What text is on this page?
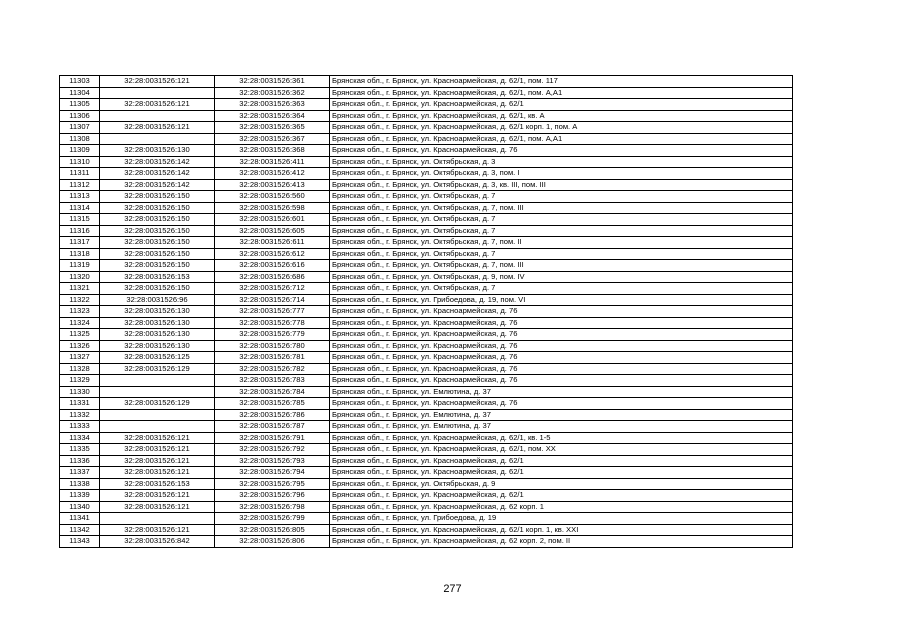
11303	32:28:0031526:121	32:28:0031526:361	Брянская обл., г. Брянск, ул. Красноармейская, д. 62/1, пом. 117
11304		32:28:0031526:362	Брянская обл., г. Брянск, ул. Красноармейская, д. 62/1, пом. А,А1
11305	32:28:0031526:121	32:28:0031526:363	Брянская обл., г. Брянск, ул. Красноармейская, д. 62/1
11306		32:28:0031526:364	Брянская обл., г. Брянск, ул. Красноармейская, д. 62/1, кв. А
11307	32:28:0031526:121	32:28:0031526:365	Брянская обл., г. Брянск, ул. Красноармейская, д. 62/1 корп. 1, пом. А
11308		32:28:0031526:367	Брянская обл., г. Брянск, ул. Красноармейская, д. 62/1, пом. А,А1
11309	32:28:0031526:130	32:28:0031526:368	Брянская обл., г. Брянск, ул. Красноармейская, д. 76
11310	32:28:0031526:142	32:28:0031526:411	Брянская обл., г. Брянск, ул. Октябрьская, д. 3
11311	32:28:0031526:142	32:28:0031526:412	Брянская обл., г. Брянск, ул. Октябрьская, д. 3, пом. I
11312	32:28:0031526:142	32:28:0031526:413	Брянская обл., г. Брянск, ул. Октябрьская, д. 3, кв. III, пом. III
11313	32:28:0031526:150	32:28:0031526:560	Брянская обл., г. Брянск, ул. Октябрьская, д. 7
11314	32:28:0031526:150	32:28:0031526:598	Брянская обл., г. Брянск, ул. Октябрьская, д. 7, пом. III
11315	32:28:0031526:150	32:28:0031526:601	Брянская обл., г. Брянск, ул. Октябрьская, д. 7
11316	32:28:0031526:150	32:28:0031526:605	Брянская обл., г. Брянск, ул. Октябрьская, д. 7
11317	32:28:0031526:150	32:28:0031526:611	Брянская обл., г. Брянск, ул. Октябрьская, д. 7, пом. II
11318	32:28:0031526:150	32:28:0031526:612	Брянская обл., г. Брянск, ул. Октябрьская, д. 7
11319	32:28:0031526:150	32:28:0031526:616	Брянская обл., г. Брянск, ул. Октябрьская, д. 7, пом. III
11320	32:28:0031526:153	32:28:0031526:686	Брянская обл., г. Брянск, ул. Октябрьская, д. 9, пом. IV
11321	32:28:0031526:150	32:28:0031526:712	Брянская обл., г. Брянск, ул. Октябрьская, д. 7
11322	32:28:0031526:96	32:28:0031526:714	Брянская обл., г. Брянск, ул. Грибоедова, д. 19, пом. VI
11323	32:28:0031526:130	32:28:0031526:777	Брянская обл., г. Брянск, ул. Красноармейская, д. 76
11324	32:28:0031526:130	32:28:0031526:778	Брянская обл., г. Брянск, ул. Красноармейская, д. 76
11325	32:28:0031526:130	32:28:0031526:779	Брянская обл., г. Брянск, ул. Красноармейская, д. 76
11326	32:28:0031526:130	32:28:0031526:780	Брянская обл., г. Брянск, ул. Красноармейская, д. 76
11327	32:28:0031526:125	32:28:0031526:781	Брянская обл., г. Брянск, ул. Красноармейская, д. 76
11328	32:28:0031526:129	32:28:0031526:782	Брянская обл., г. Брянск, ул. Красноармейская, д. 76
11329		32:28:0031526:783	Брянская обл., г. Брянск, ул. Красноармейская, д. 76
11330		32:28:0031526:784	Брянская обл., г. Брянск, ул. Емлютина, д. 37
11331	32:28:0031526:129	32:28:0031526:785	Брянская обл., г. Брянск, ул. Красноармейская, д. 76
11332		32:28:0031526:786	Брянская обл., г. Брянск, ул. Емлютина, д. 37
11333		32:28:0031526:787	Брянская обл., г. Брянск, ул. Емлютина, д. 37
11334	32:28:0031526:121	32:28:0031526:791	Брянская обл., г. Брянск, ул. Красноармейская, д. 62/1, кв. 1-5
11335	32:28:0031526:121	32:28:0031526:792	Брянская обл., г. Брянск, ул. Красноармейская, д. 62/1, пом. XX
11336	32:28:0031526:121	32:28:0031526:793	Брянская обл., г. Брянск, ул. Красноармейская, д. 62/1
11337	32:28:0031526:121	32:28:0031526:794	Брянская обл., г. Брянск, ул. Красноармейская, д. 62/1
11338	32:28:0031526:153	32:28:0031526:795	Брянская обл., г. Брянск, ул. Октябрьская, д. 9
11339	32:28:0031526:121	32:28:0031526:796	Брянская обл., г. Брянск, ул. Красноармейская, д. 62/1
11340	32:28:0031526:121	32:28:0031526:798	Брянская обл., г. Брянск, ул. Красноармейская, д. 62 корп. 1
11341		32:28:0031526:799	Брянская обл., г. Брянск, ул. Грибоедова, д. 19
11342	32:28:0031526:121	32:28:0031526:805	Брянская обл., г. Брянск, ул. Красноармейская, д. 62/1 корп. 1, кв. XXI
11343	32:28:0031526:842	32:28:0031526:806	Брянская обл., г. Брянск, ул. Красноармейская, д. 62 корп. 2, пом. II
277
